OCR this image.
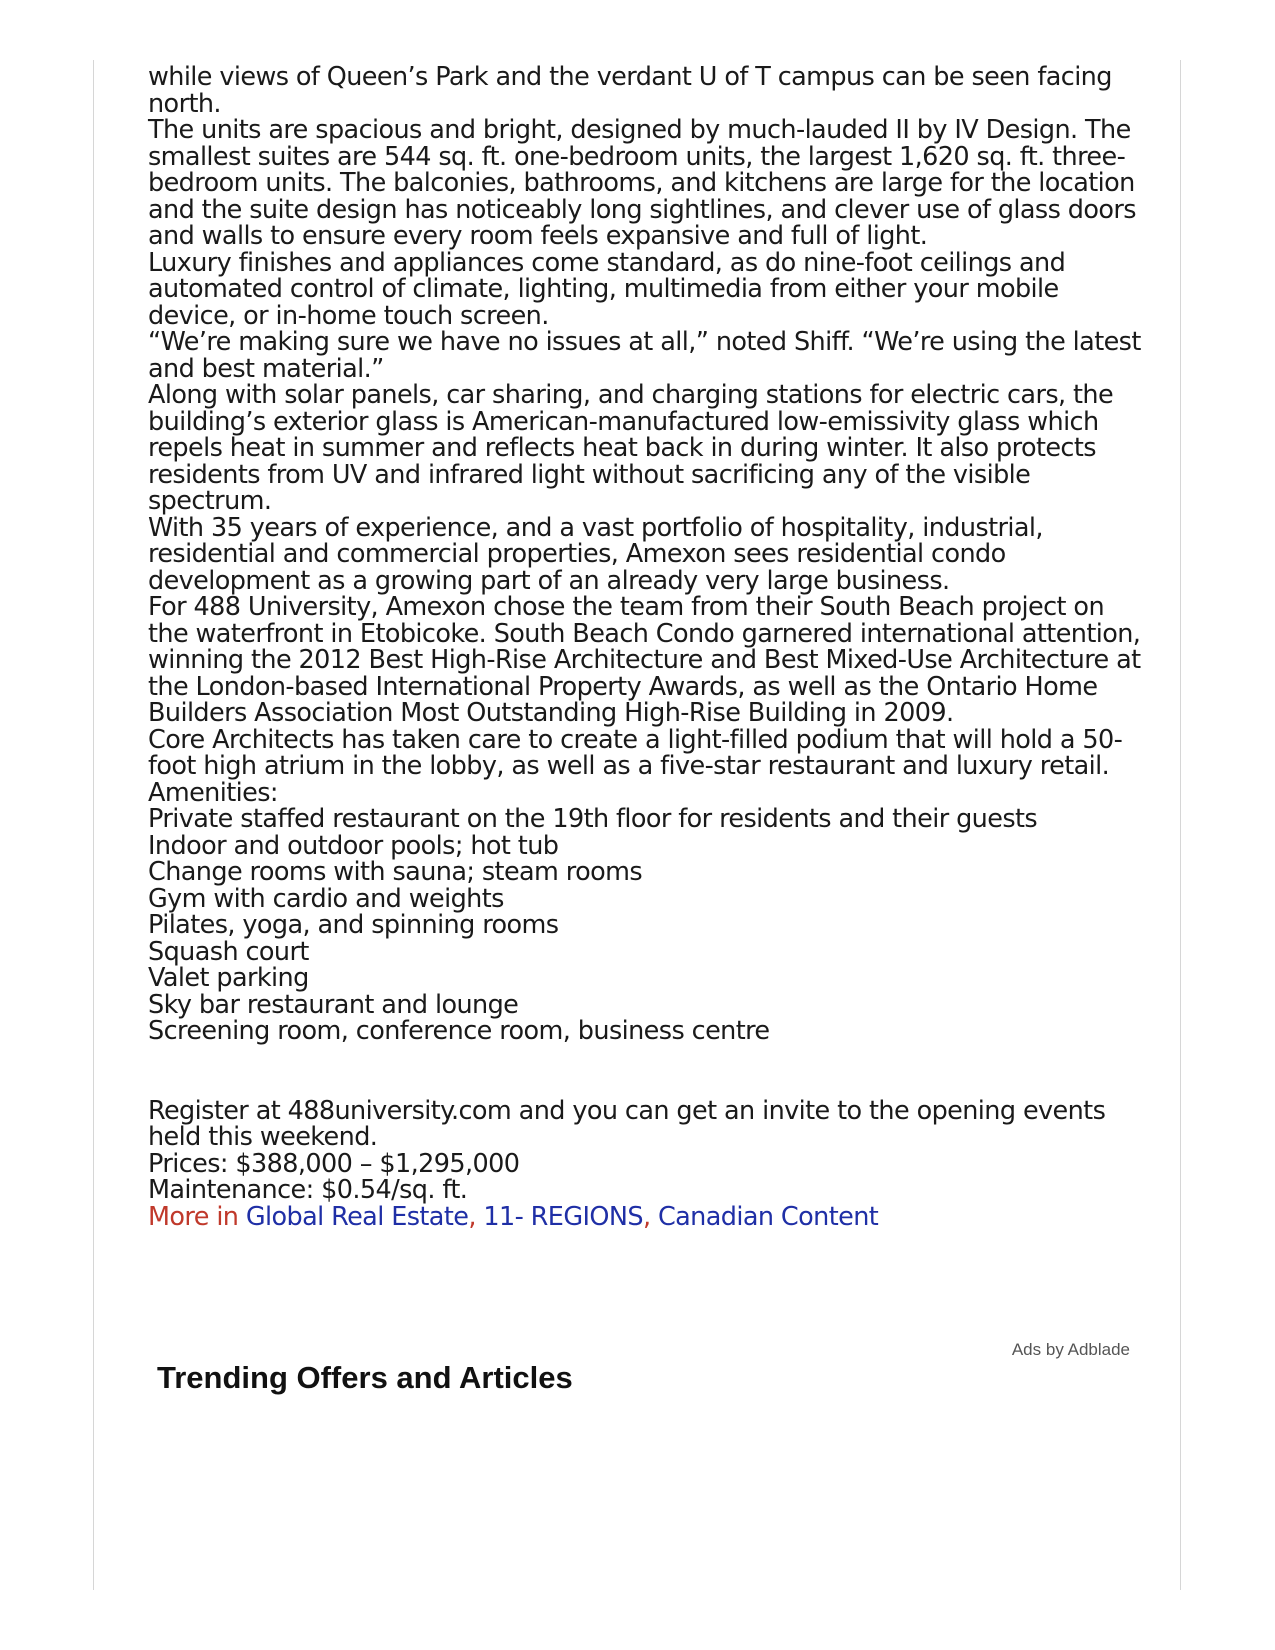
while views of Queen’s Park and the verdant U of T campus can be seen facing north.

The units are spacious and bright, designed by much-lauded II by IV Design. The smallest suites are 544 sq. ft. one-bedroom units, the largest 1,620 sq. ft. three-bedroom units. The balconies, bathrooms, and kitchens are large for the location and the suite design has noticeably long sightlines, and clever use of glass doors and walls to ensure every room feels expansive and full of light.

Luxury finishes and appliances come standard, as do nine-foot ceilings and automated control of climate, lighting, multimedia from either your mobile device, or in-home touch screen.

“We’re making sure we have no issues at all,” noted Shiff. “We’re using the latest and best material.”

Along with solar panels, car sharing, and charging stations for electric cars, the building’s exterior glass is American-manufactured low-emissivity glass which repels heat in summer and reflects heat back in during winter. It also protects residents from UV and infrared light without sacrificing any of the visible spectrum.

With 35 years of experience, and a vast portfolio of hospitality, industrial, residential and commercial properties, Amexon sees residential condo development as a growing part of an already very large business.

For 488 University, Amexon chose the team from their South Beach project on the waterfront in Etobicoke. South Beach Condo garnered international attention, winning the 2012 Best High-Rise Architecture and Best Mixed-Use Architecture at the London-based International Property Awards, as well as the Ontario Home Builders Association Most Outstanding High-Rise Building in 2009.

Core Architects has taken care to create a light-filled podium that will hold a 50-foot high atrium in the lobby, as well as a five-star restaurant and luxury retail.

Amenities:

Private staffed restaurant on the 19th floor for residents and their guests
Indoor and outdoor pools; hot tub
Change rooms with sauna; steam rooms
Gym with cardio and weights
Pilates, yoga, and spinning rooms
Squash court
Valet parking
Sky bar restaurant and lounge
Screening room, conference room, business centre

Register at 488university.com and you can get an invite to the opening events held this weekend.

Prices: $388,000 – $1,295,000

Maintenance: $0.54/sq. ft.

More in Global Real Estate, 11- REGIONS, Canadian Content

Ads by Adblade
Trending Offers and Articles
